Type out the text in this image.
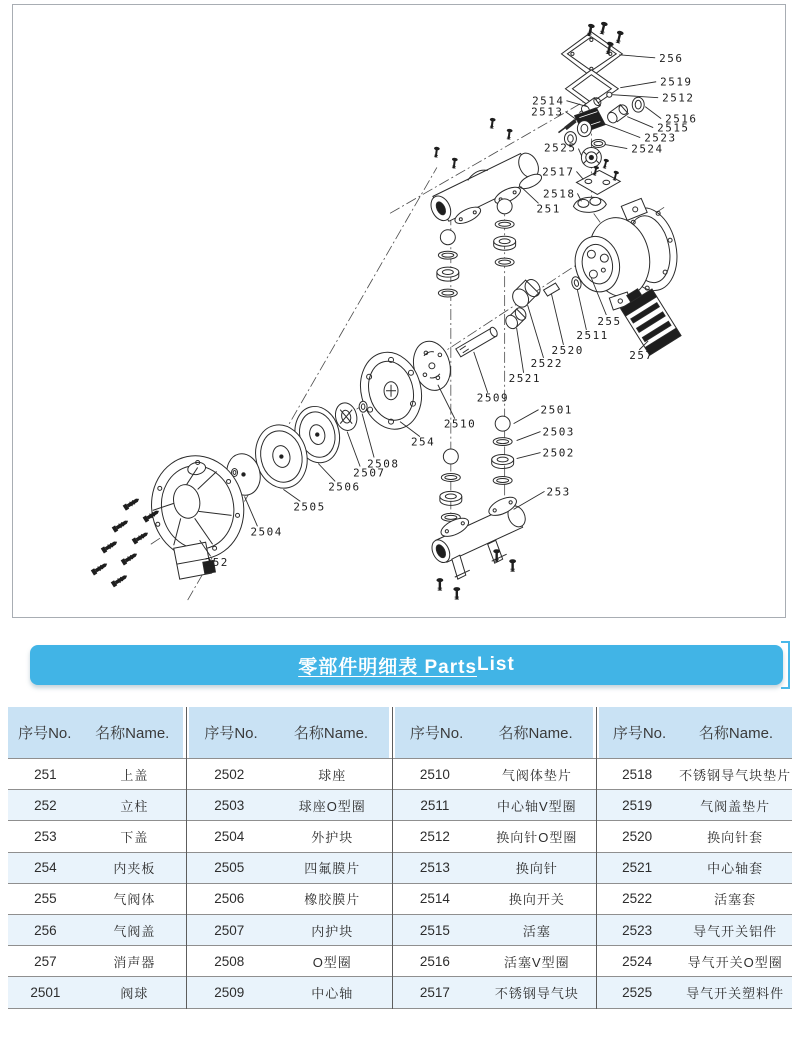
256
2519
2512
2516
2515
2523
2524
2514
2513
2525
2517
2518
251
255
2511
2520
2522
2521
257
2509
2510
254
2501
2503
2502
253
2508
2507
2506
2505
2504
252
零部件明细表 Parts List
序号No.	名称Name.	序号No.	名称Name.	序号No.	名称Name.	序号No.	名称Name.
251	上盖	2502	球座	2510	气阀体垫片	2518	不锈钢导气块垫片
252	立柱	2503	球座O型圈	2511	中心轴V型圈	2519	气阀盖垫片
253	下盖	2504	外护块	2512	换向针O型圈	2520	换向针套
254	内夹板	2505	四氟膜片	2513	换向针	2521	中心轴套
255	气阀体	2506	橡胶膜片	2514	换向开关	2522	活塞套
256	气阀盖	2507	内护块	2515	活塞	2523	导气开关铝件
257	消声器	2508	O型圈	2516	活塞V型圈	2524	导气开关O型圈
2501	阀球	2509	中心轴	2517	不锈钢导气块	2525	导气开关塑料件
